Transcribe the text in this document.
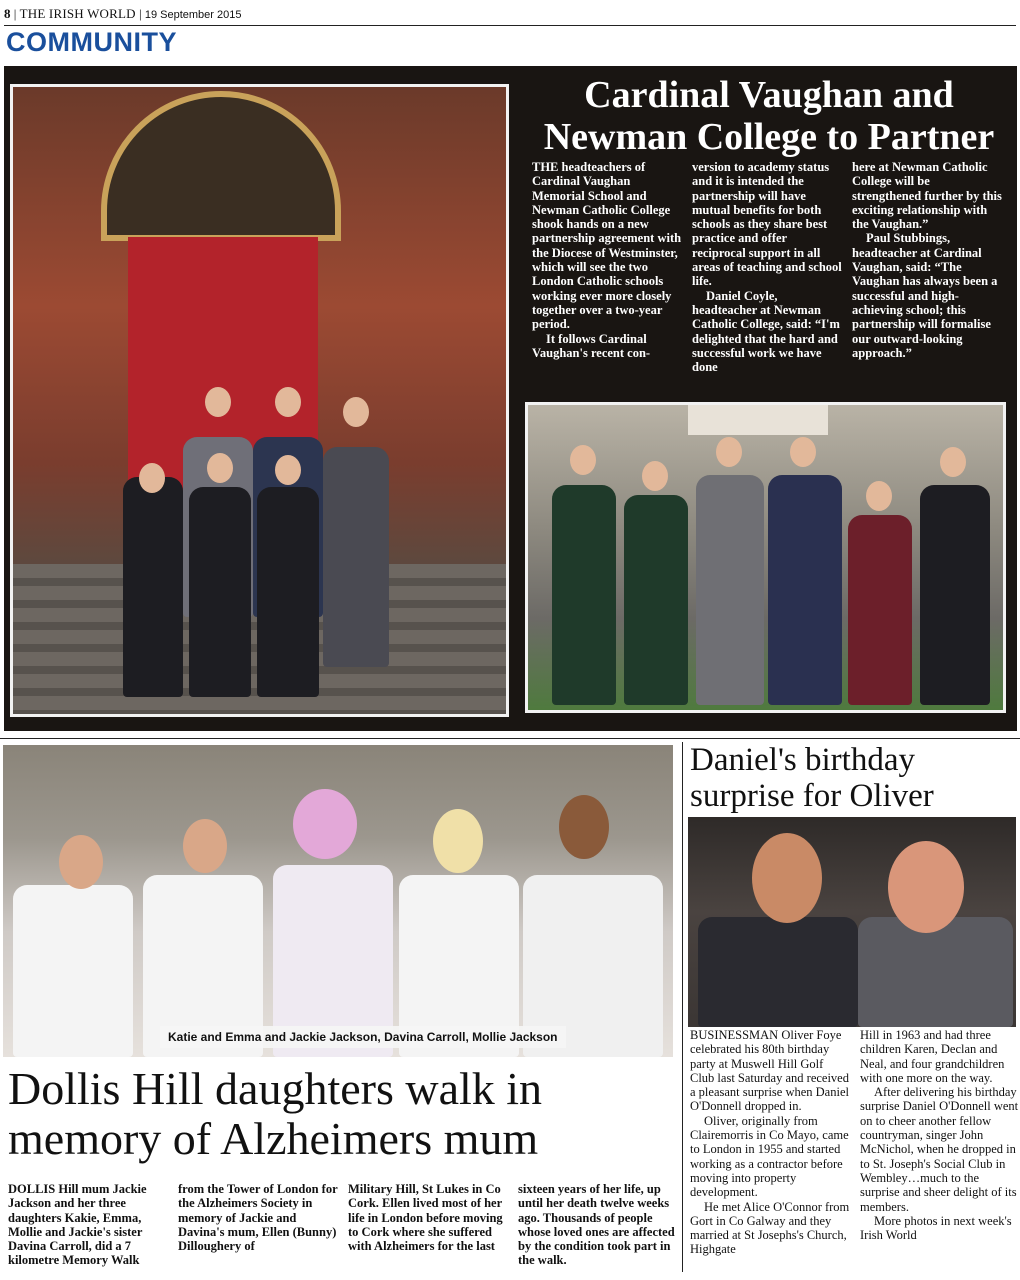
8 | THE IRISH WORLD | 19 September 2015
COMMUNITY
Cardinal Vaughan and Newman College to Partner

THE headteachers of Cardinal Vaughan Memorial School and Newman Catholic College shook hands on a new partnership agreement with the Diocese of Westminster, which will see the two London Catholic schools working ever more closely together over a two-year period.

It follows Cardinal Vaughan's recent con-

version to academy status and it is intended the partnership will have mutual benefits for both schools as they share best practice and offer reciprocal support in all areas of teaching and school life.

Daniel Coyle, headteacher at Newman Catholic College, said: “I'm delighted that the hard and successful work we have done

here at Newman Catholic College will be strengthened further by this exciting relationship with the Vaughan.”

Paul Stubbings, headteacher at Cardinal Vaughan, said: “The Vaughan has always been a successful and high-achieving school; this partnership will formalise our outward-looking approach.”

Katie and Emma and Jackie Jackson, Davina Carroll, Mollie Jackson
Dollis Hill daughters walk in memory of Alzheimers mum
DOLLIS Hill mum Jackie Jackson and her three daughters Kakie, Emma, Mollie and Jackie's sister Davina Carroll, did a 7 kilometre Memory Walk
from the Tower of London for the Alzheimers Society in memory of Jackie and Davina's mum, Ellen (Bunny) Dilloughery of
Military Hill, St Lukes in Co Cork. Ellen lived most of her life in London before moving to Cork where she suffered with Alzheimers for the last
sixteen years of her life, up until her death twelve weeks ago. Thousands of people whose loved ones are affected by the condition took part in the walk.
Daniel's birthday surprise for Oliver

BUSINESSMAN Oliver Foye celebrated his 80th birthday party at Muswell Hill Golf Club last Saturday and received a pleasant surprise when Daniel O'Donnell dropped in.

Oliver, originally from Clairemorris in Co Mayo, came to London in 1955 and started working as a contractor before moving into property development.

He met Alice O'Connor from Gort in Co Galway and they married at St Josephs's Church, Highgate

Hill in 1963 and had three children Karen, Declan and Neal, and four grandchildren with one more on the way.

After delivering his birthday surprise Daniel O'Donnell went on to cheer another fellow countryman, singer John McNichol, when he dropped in to St. Joseph's Social Club in Wembley…much to the surprise and sheer delight of its members.

More photos in next week's Irish World
